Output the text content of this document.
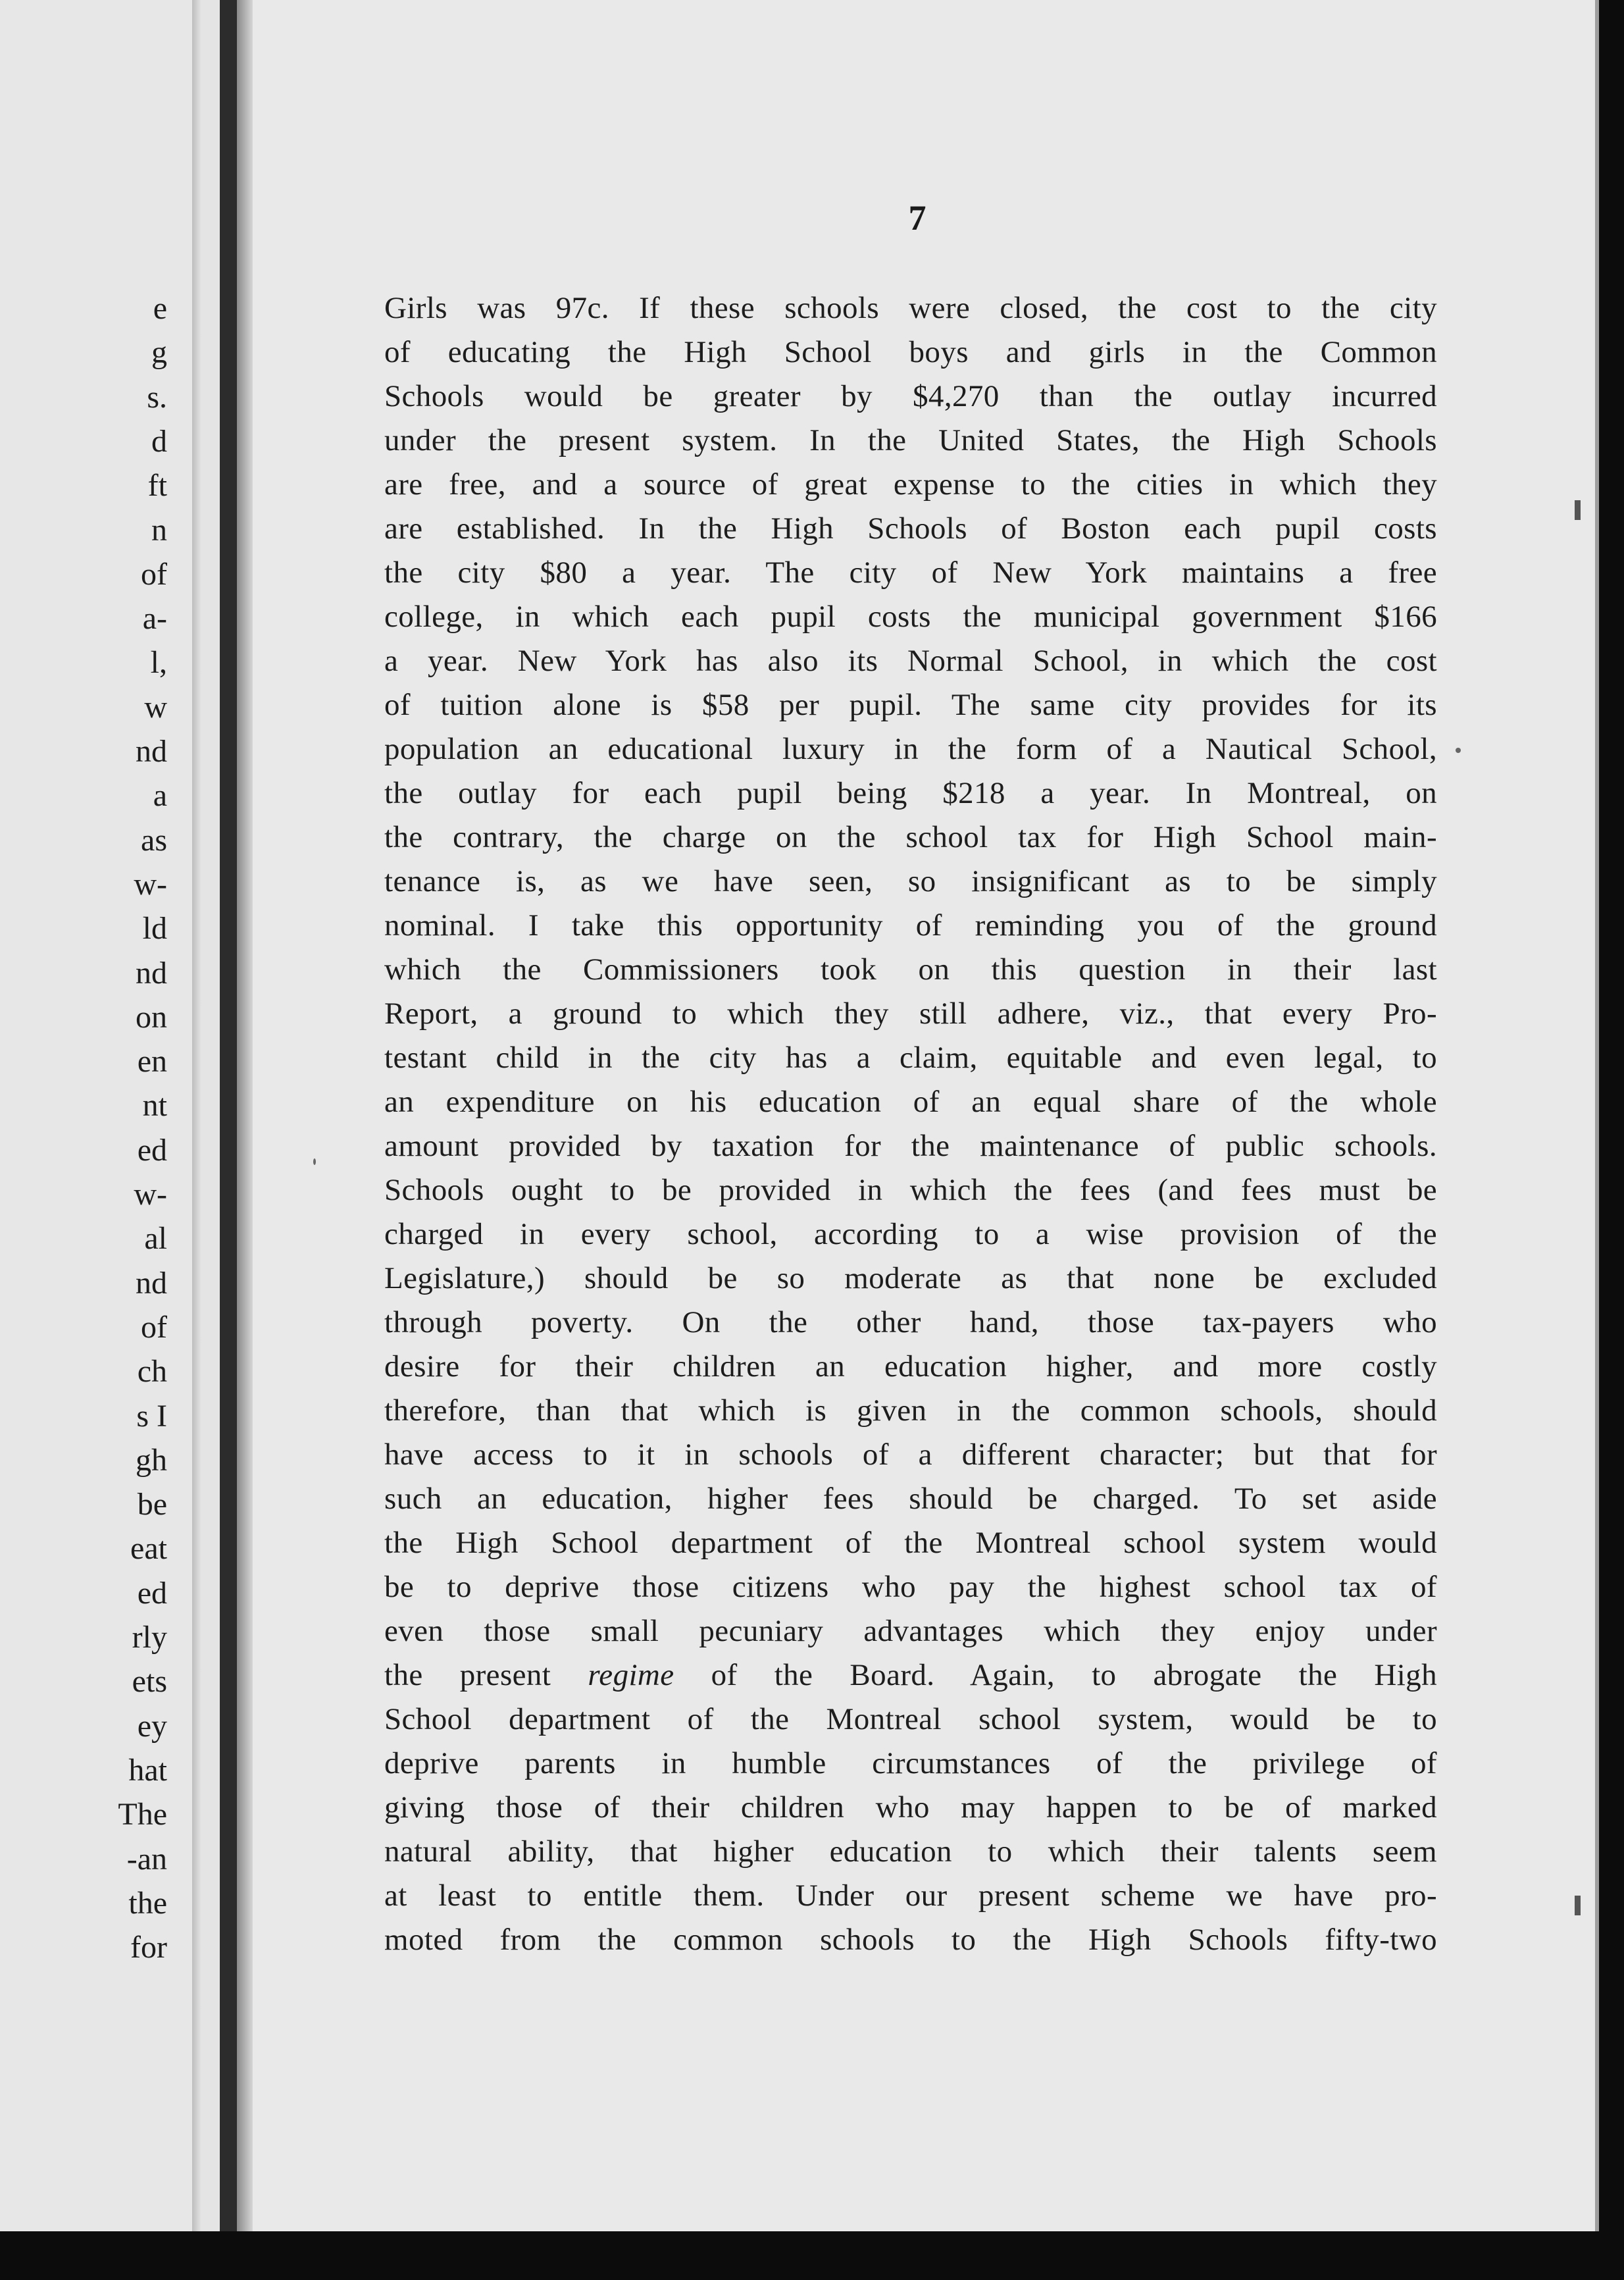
e
g
s.
d
ft
n
of
a-
l,
w
nd
a
as
w-
ld
nd
on
en
nt
ed
w-
al
nd
of
ch
s I
gh
be
eat
ed
rly
ets
ey
hat
The
-an
the
for
7
Girls was 97c. If these schools were closed, the cost to the city
of educating the High School boys and girls in the Common
Schools would be greater by $4,270 than the outlay incurred
under the present system. In the United States, the High Schools
are free, and a source of great expense to the cities in which they
are established. In the High Schools of Boston each pupil costs
the city $80 a year. The city of New York maintains a free
college, in which each pupil costs the municipal government $166
a year. New York has also its Normal School, in which the cost
of tuition alone is $58 per pupil. The same city provides for its
population an educational luxury in the form of a Nautical School,
the outlay for each pupil being $218 a year. In Montreal, on
the contrary, the charge on the school tax for High School main-
tenance is, as we have seen, so insignificant as to be simply
nominal. I take this opportunity of reminding you of the ground
which the Commissioners took on this question in their last
Report, a ground to which they still adhere, viz., that every Pro-
testant child in the city has a claim, equitable and even legal, to
an expenditure on his education of an equal share of the whole
amount provided by taxation for the maintenance of public schools.
Schools ought to be provided in which the fees (and fees must be
charged in every school, according to a wise provision of the
Legislature,) should be so moderate as that none be excluded
through poverty. On the other hand, those tax-payers who
desire for their children an education higher, and more costly
therefore, than that which is given in the common schools, should
have access to it in schools of a different character; but that for
such an education, higher fees should be charged. To set aside
the High School department of the Montreal school system would
be to deprive those citizens who pay the highest school tax of
even those small pecuniary advantages which they enjoy under
the present regime of the Board. Again, to abrogate the High
School department of the Montreal school system, would be to
deprive parents in humble circumstances of the privilege of
giving those of their children who may happen to be of marked
natural ability, that higher education to which their talents seem
at least to entitle them. Under our present scheme we have pro-
moted from the common schools to the High Schools fifty-two
